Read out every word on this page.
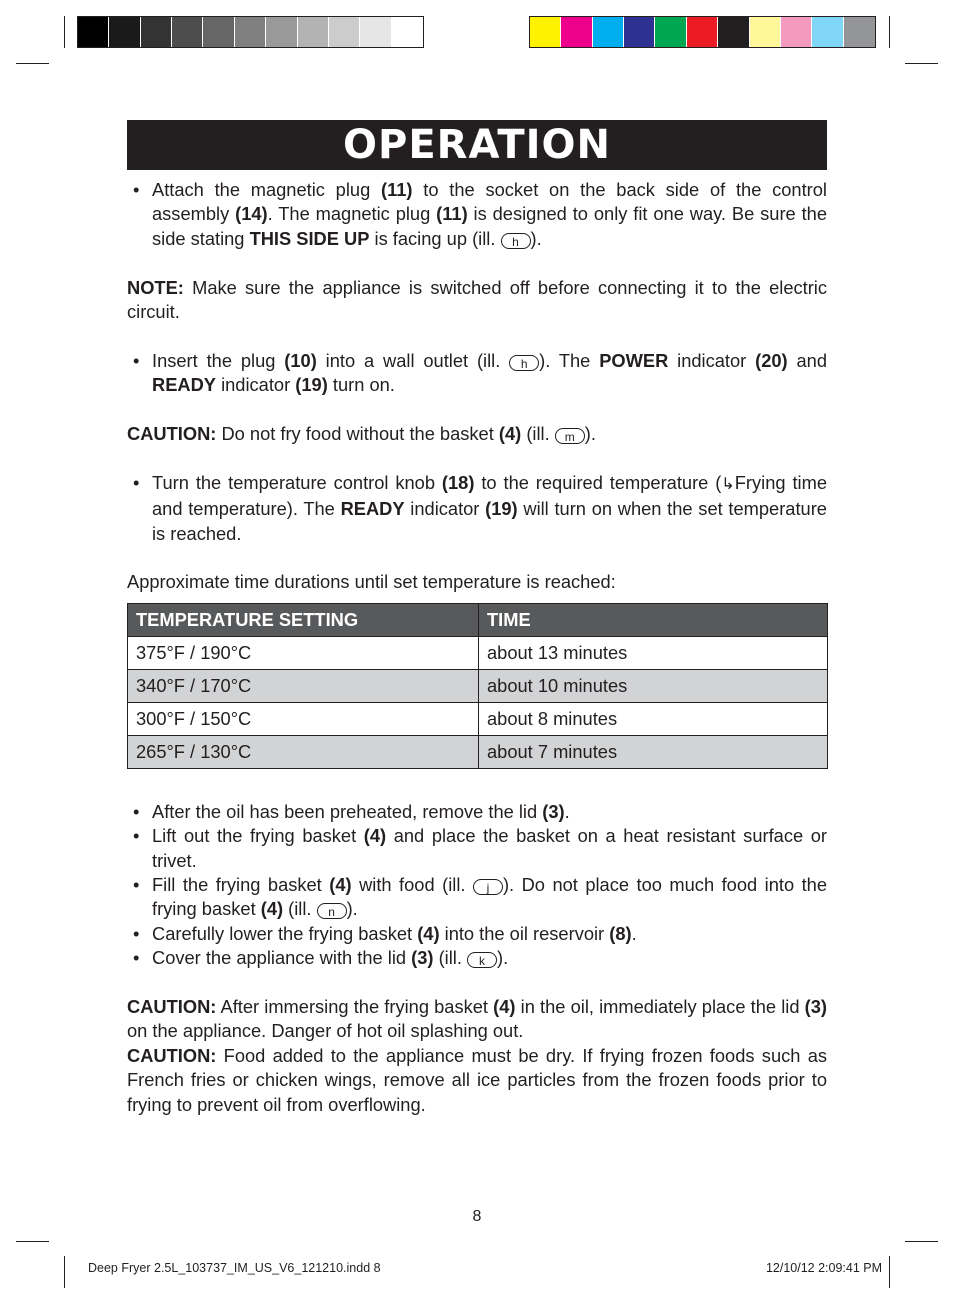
OPERATION

• Attach the magnetic plug (11) to the socket on the back side of the control assembly (14). The magnetic plug (11) is designed to only fit one way. Be sure the side stating THIS SIDE UP is facing up (ill. h ).

NOTE: Make sure the appliance is switched off before connecting it to the electric circuit.

• Insert the plug (10) into a wall outlet (ill. h ). The POWER indicator (20) and READY indicator (19) turn on.

CAUTION: Do not fry food without the basket (4) (ill. m ).

• Turn the temperature control knob (18) to the required temperature (↳Frying time and temperature). The READY indicator (19) will turn on when the set temperature is reached.

Approximate time durations until set temperature is reached:

TEMPERATURE SETTING	TIME
375°F / 190°C	about 13 minutes
340°F / 170°C	about 10 minutes
300°F / 150°C	about 8 minutes
265°F / 130°C	about 7 minutes

• After the oil has been preheated, remove the lid (3).

• Lift out the frying basket (4) and place the basket on a heat resistant surface or trivet.

• Fill the frying basket (4) with food (ill. j ). Do not place too much food into the frying basket (4) (ill. n ).

• Carefully lower the frying basket (4) into the oil reservoir (8).

• Cover the appliance with the lid (3) (ill. k ).

CAUTION: After immersing the frying basket (4) in the oil, immediately place the lid (3) on the appliance. Danger of hot oil splashing out.

CAUTION: Food added to the appliance must be dry. If frying frozen foods such as French fries or chicken wings, remove all ice particles from the frozen foods prior to frying to prevent oil from overflowing.

8
Deep Fryer 2.5L_103737_IM_US_V6_121210.indd 8	12/10/12 2:09:41 PM
